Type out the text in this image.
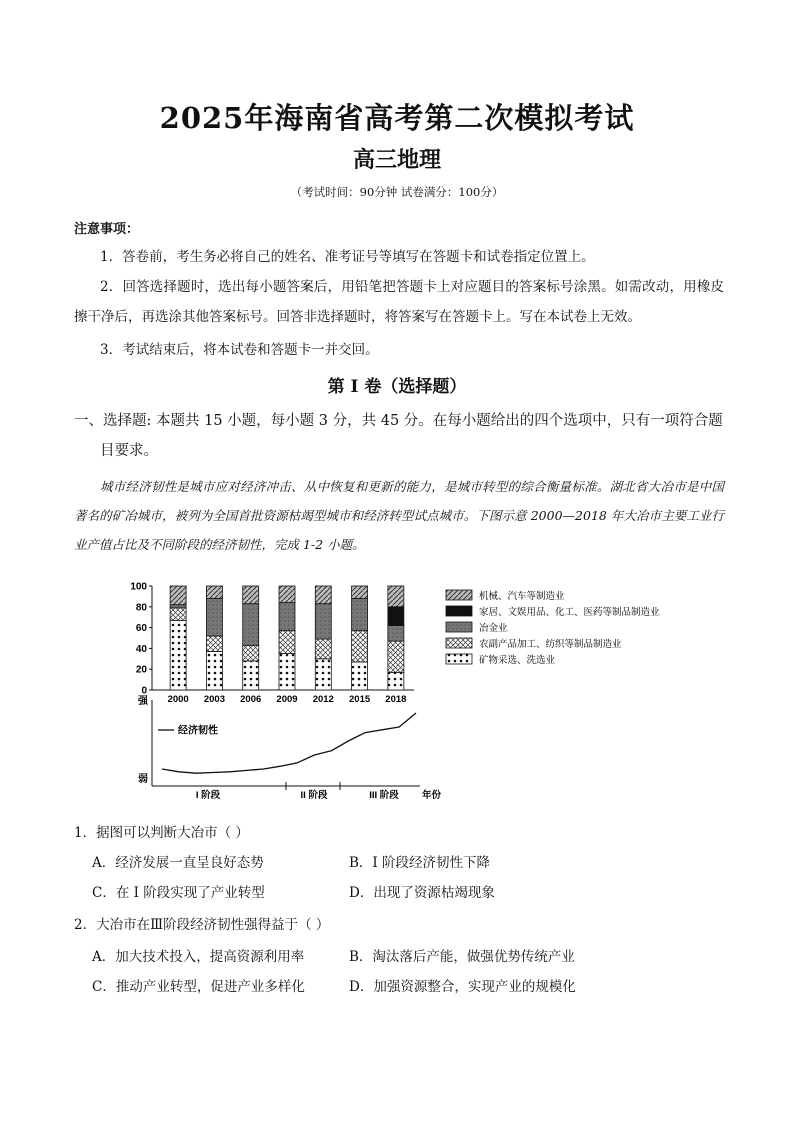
2025年海南省高考第二次模拟考试
高三地理
（考试时间：90分钟 试卷满分：100分）
注意事项：
1．答卷前，考生务必将自己的姓名、准考证号等填写在答题卡和试卷指定位置上。
2．回答选择题时，选出每小题答案后，用铅笔把答题卡上对应题目的答案标号涂黑。如需改动，用橡皮擦干净后，再选涂其他答案标号。回答非选择题时，将答案写在答题卡上。写在本试卷上无效。
3．考试结束后，将本试卷和答题卡一并交回。
第 I 卷（选择题）
一、选择题: 本题共 15 小题，每小题 3 分，共 45 分。在每小题给出的四个选项中，只有一项符合题
目要求。
城市经济韧性是城市应对经济冲击、从中恢复和更新的能力，是城市转型的综合衡量标准。湖北省大冶市是中国著名的矿冶城市，被列为全国首批资源枯竭型城市和经济转型试点城市。下图示意 2000—2018 年大冶市主要工业行业产值占比及不同阶段的经济韧性，完成 1-2 小题。
0
20
40
60
80
100
2000 2003 2006 2009 2012 2015 2018
机械、汽车等制造业
家居、文娱用品、化工、医药等制品制造业
冶金业
农副产品加工、纺织等制品制造业
矿物采选、洗选业
强
弱
经济韧性
I 阶段	II 阶段	III 阶段 年份
1．据图可以判断大冶市（ ）
A．经济发展一直呈良好态势	B．I 阶段经济韧性下降
C．在 I 阶段实现了产业转型	D．出现了资源枯竭现象
2．大冶市在Ⅲ阶段经济韧性强得益于（ ）
A．加大技术投入，提高资源利用率	B．淘汰落后产能，做强优势传统产业
C．推动产业转型，促进产业多样化	D．加强资源整合，实现产业的规模化
